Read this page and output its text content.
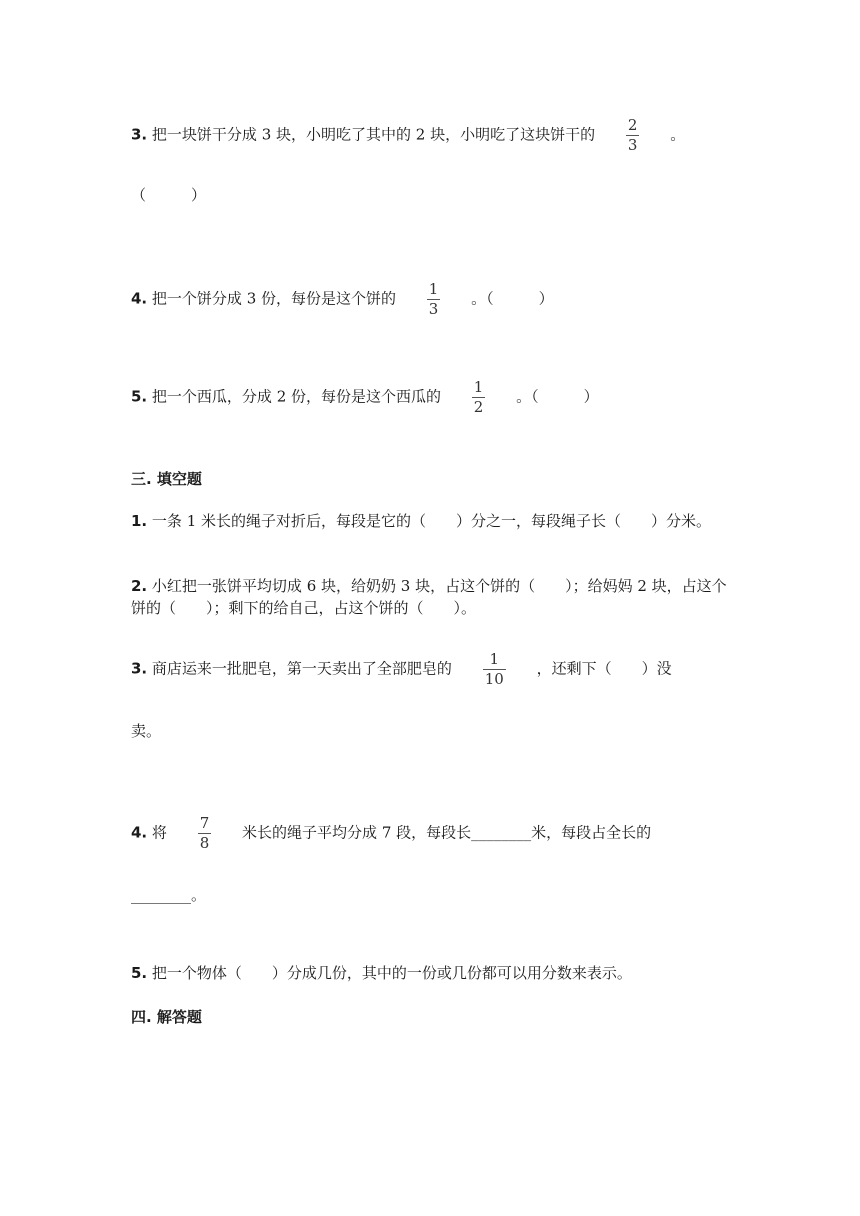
3. 把一块饼干分成 3 块，小明吃了其中的 2 块，小明吃了这块饼干的 $\frac{2}{3}$ 。
（　　　）
4. 把一个饼分成 3 份，每份是这个饼的 $\frac{1}{3}$ 。（　　　）
5. 把一个西瓜，分成 2 份，每份是这个西瓜的 $\frac{1}{2}$ 。（　　　）
三. 填空题
1. 一条 1 米长的绳子对折后，每段是它的（　　）分之一，每段绳子长（　　）分米。
2. 小红把一张饼平均切成 6 块，给奶奶 3 块，占这个饼的（　　）；给妈妈 2 块，占这个饼的（　　）；剩下的给自己，占这个饼的（　　）。
3. 商店运来一批肥皂，第一天卖出了全部肥皂的 $\frac{1}{10}$ ，还剩下（　　）没
卖。
4. 将 $\frac{7}{8}$ 米长的绳子平均分成 7 段，每段长________米，每段占全长的
________。
5. 把一个物体（　　）分成几份，其中的一份或几份都可以用分数来表示。
四. 解答题
